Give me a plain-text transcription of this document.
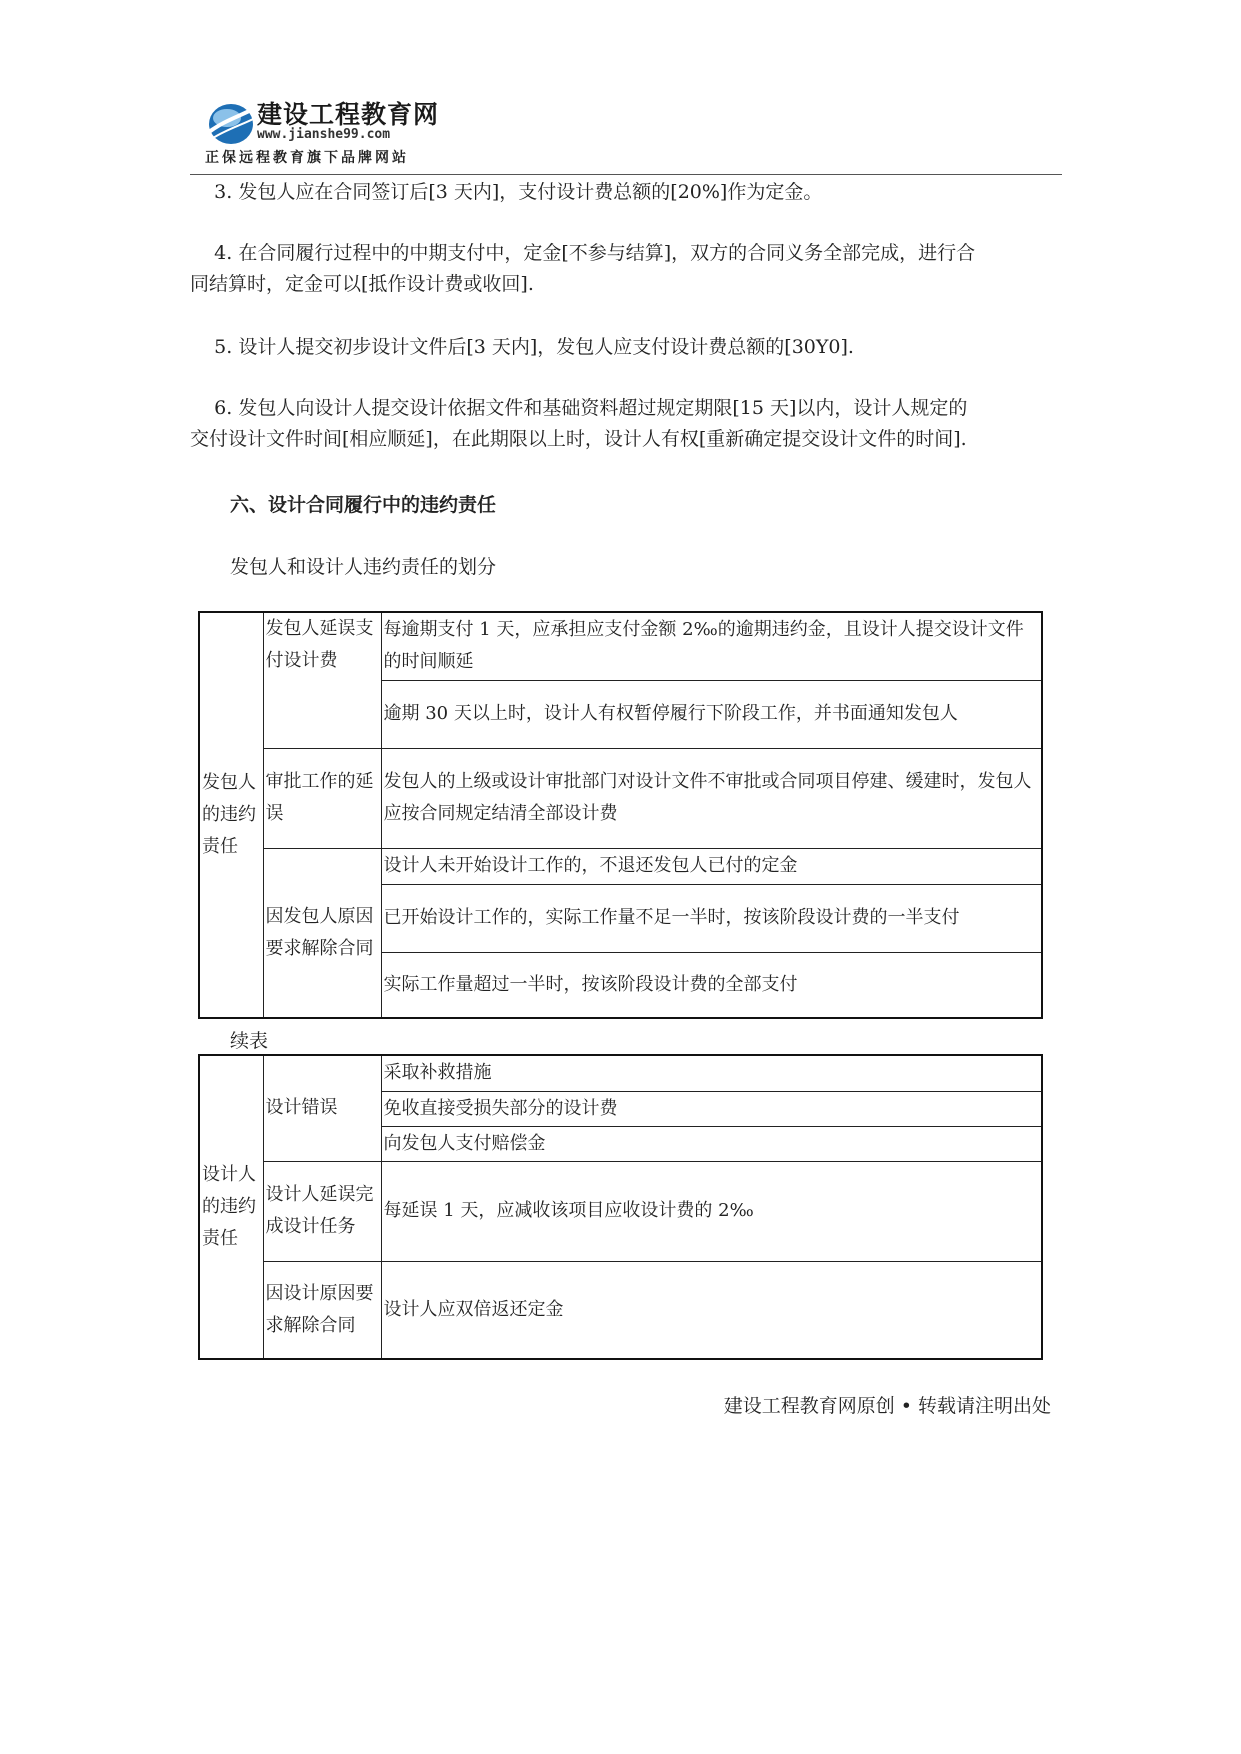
建设工程教育网
www.jianshe99.com
正保远程教育旗下品牌网站
3. 发包人应在合同签订后[3 天内]，支付设计费总额的[20%]作为定金。
4. 在合同履行过程中的中期支付中，定金[不参与结算]，双方的合同义务全部完成，进行合
同结算时，定金可以[抵作设计费或收回].
5. 设计人提交初步设计文件后[3 天内]，发包人应支付设计费总额的[30Y0].
6. 发包人向设计人提交设计依据文件和基础资料超过规定期限[15 天]以内，设计人规定的
交付设计文件时间[相应顺延]，在此期限以上时，设计人有权[重新确定提交设计文件的时间].
六、设计合同履行中的违约责任
发包人和设计人违约责任的划分
发包人的违约责任	发包人延误支付设计费	每逾期支付 1 天，应承担应支付金额 2‰的逾期违约金，且设计人提交设计文件的时间顺延
		逾期 30 天以上时，设计人有权暂停履行下阶段工作，并书面通知发包人
	审批工作的延误	发包人的上级或设计审批部门对设计文件不审批或合同项目停建、缓建时，发包人应按合同规定结清全部设计费
	因发包人原因要求解除合同	设计人未开始设计工作的，不退还发包人已付的定金
		已开始设计工作的，实际工作量不足一半时，按该阶段设计费的一半支付
		实际工作量超过一半时，按该阶段设计费的全部支付
续表
设计人的违约责任	设计错误	采取补救措施
		免收直接受损失部分的设计费
		向发包人支付赔偿金
	设计人延误完成设计任务	每延误 1 天，应减收该项目应收设计费的 2‰
	因设计原因要求解除合同	设计人应双倍返还定金
建设工程教育网原创 • 转载请注明出处
